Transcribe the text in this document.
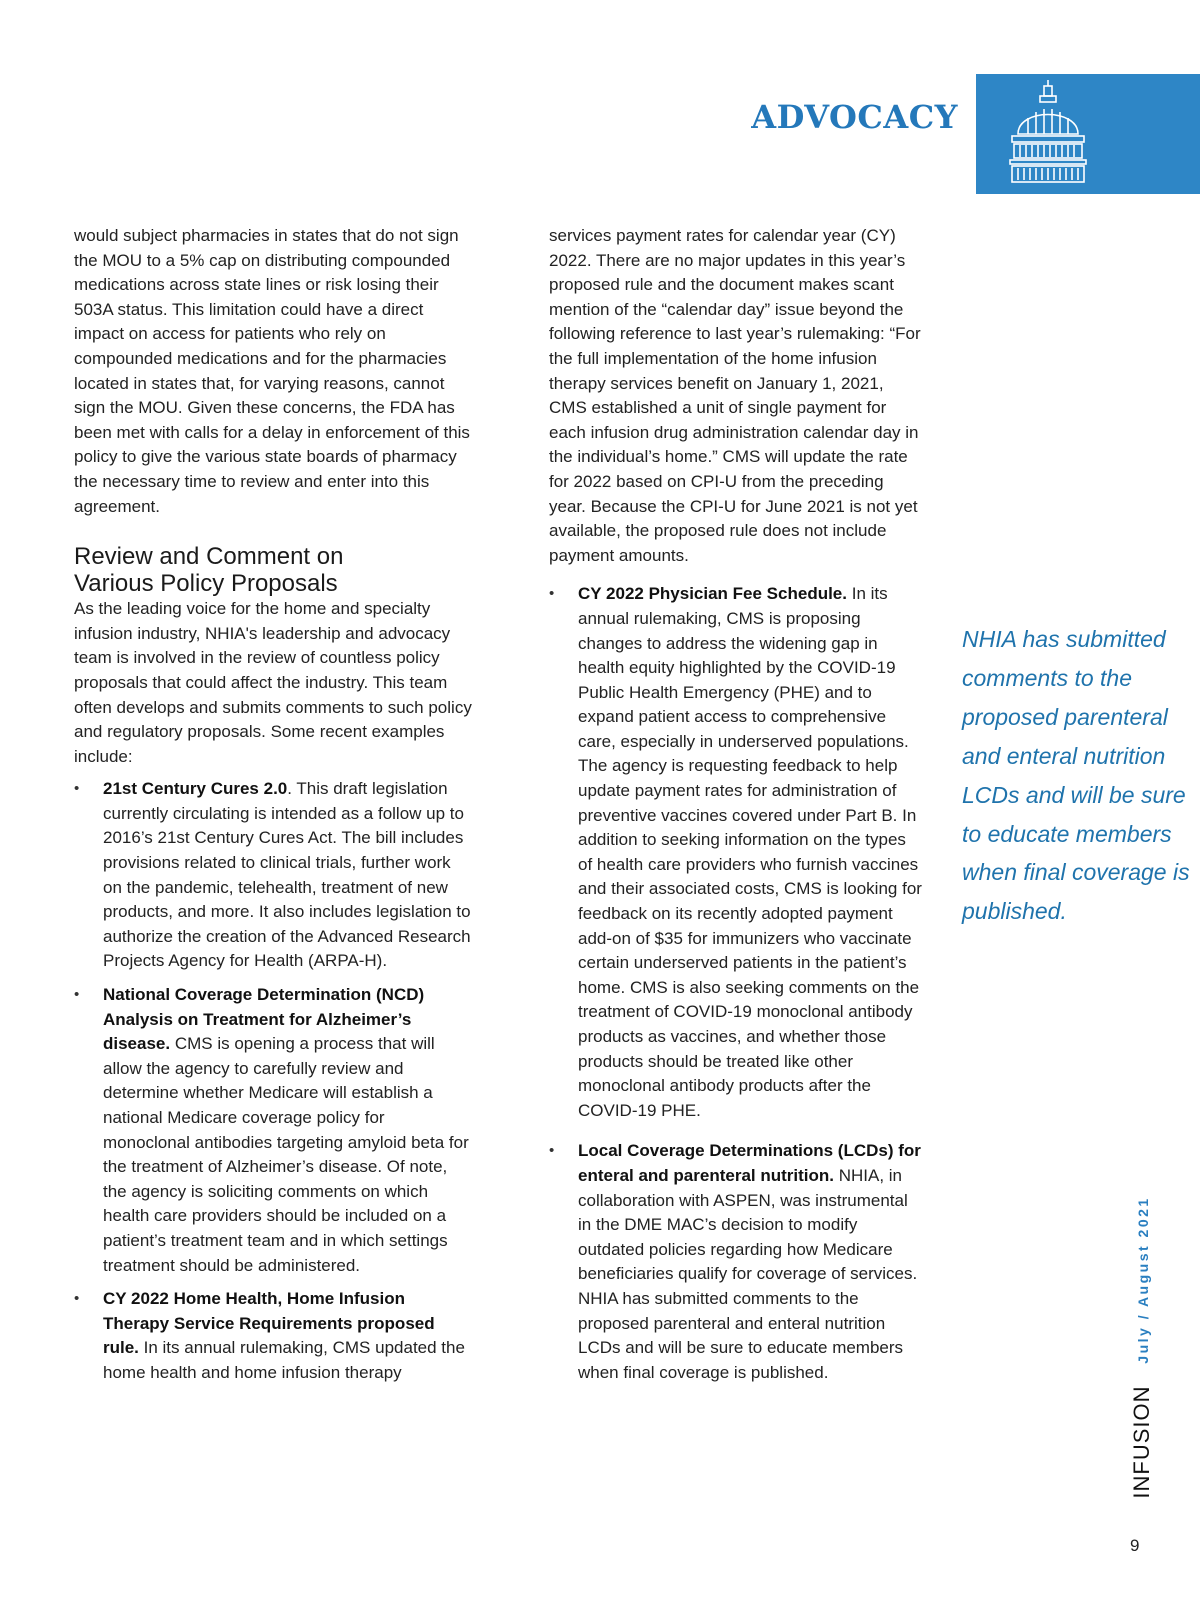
ADVOCACY

would subject pharmacies in states that do not sign the MOU to a 5% cap on distributing compounded medications across state lines or risk losing their 503A status. This limitation could have a direct impact on access for patients who rely on compounded medications and for the pharmacies located in states that, for varying reasons, cannot sign the MOU. Given these concerns, the FDA has been met with calls for a delay in enforcement of this policy to give the various state boards of pharmacy the necessary time to review and enter into this agreement.

Review and Comment on
Various Policy Proposals

As the leading voice for the home and specialty infusion industry, NHIA's leadership and advocacy team is involved in the review of countless policy proposals that could affect the industry. This team often develops and submits comments to such policy and regulatory proposals. Some recent examples include:

• 21st Century Cures 2.0. This draft legislation currently circulating is intended as a follow up to 2016’s 21st Century Cures Act. The bill includes provisions related to clinical trials, further work on the pandemic, telehealth, treatment of new products, and more. It also includes legislation to authorize the creation of the Advanced Research Projects Agency for Health (ARPA-H).
• National Coverage Determination (NCD) Analysis on Treatment for Alzheimer’s disease. CMS is opening a process that will allow the agency to carefully review and determine whether Medicare will establish a national Medicare coverage policy for monoclonal antibodies targeting amyloid beta for the treatment of Alzheimer’s disease. Of note, the agency is soliciting comments on which health care providers should be included on a patient’s treatment team and in which settings treatment should be administered.
• CY 2022 Home Health, Home Infusion Therapy Service Requirements proposed rule. In its annual rulemaking, CMS updated the home health and home infusion therapy

services payment rates for calendar year (CY) 2022. There are no major updates in this year’s proposed rule and the document makes scant mention of the “calendar day” issue beyond the following reference to last year’s rulemaking: “For the full implementation of the home infusion therapy services benefit on January 1, 2021, CMS established a unit of single payment for each infusion drug administration calendar day in the individual’s home.” CMS will update the rate for 2022 based on CPI-U from the preceding year. Because the CPI-U for June 2021 is not yet available, the proposed rule does not include payment amounts.

• CY 2022 Physician Fee Schedule. In its annual rulemaking, CMS is proposing changes to address the widening gap in health equity highlighted by the COVID-19 Public Health Emergency (PHE) and to expand patient access to comprehensive care, especially in underserved populations. The agency is requesting feedback to help update payment rates for administration of preventive vaccines covered under Part B. In addition to seeking information on the types of health care providers who furnish vaccines and their associated costs, CMS is looking for feedback on its recently adopted payment add-on of $35 for immunizers who vaccinate certain underserved patients in the patient’s home. CMS is also seeking comments on the treatment of COVID-19 monoclonal antibody products as vaccines, and whether those products should be treated like other monoclonal antibody products after the COVID-19 PHE.
• Local Coverage Determinations (LCDs) for enteral and parenteral nutrition. NHIA, in collaboration with ASPEN, was instrumental in the DME MAC’s decision to modify outdated policies regarding how Medicare beneficiaries qualify for coverage of services. NHIA has submitted comments to the proposed parenteral and enteral nutrition LCDs and will be sure to educate members when final coverage is published.
NHIA has submitted comments to the proposed parenteral and enteral nutrition LCDs and will be sure to educate members when final coverage is published.
July / August 2021
INFUSION
9
